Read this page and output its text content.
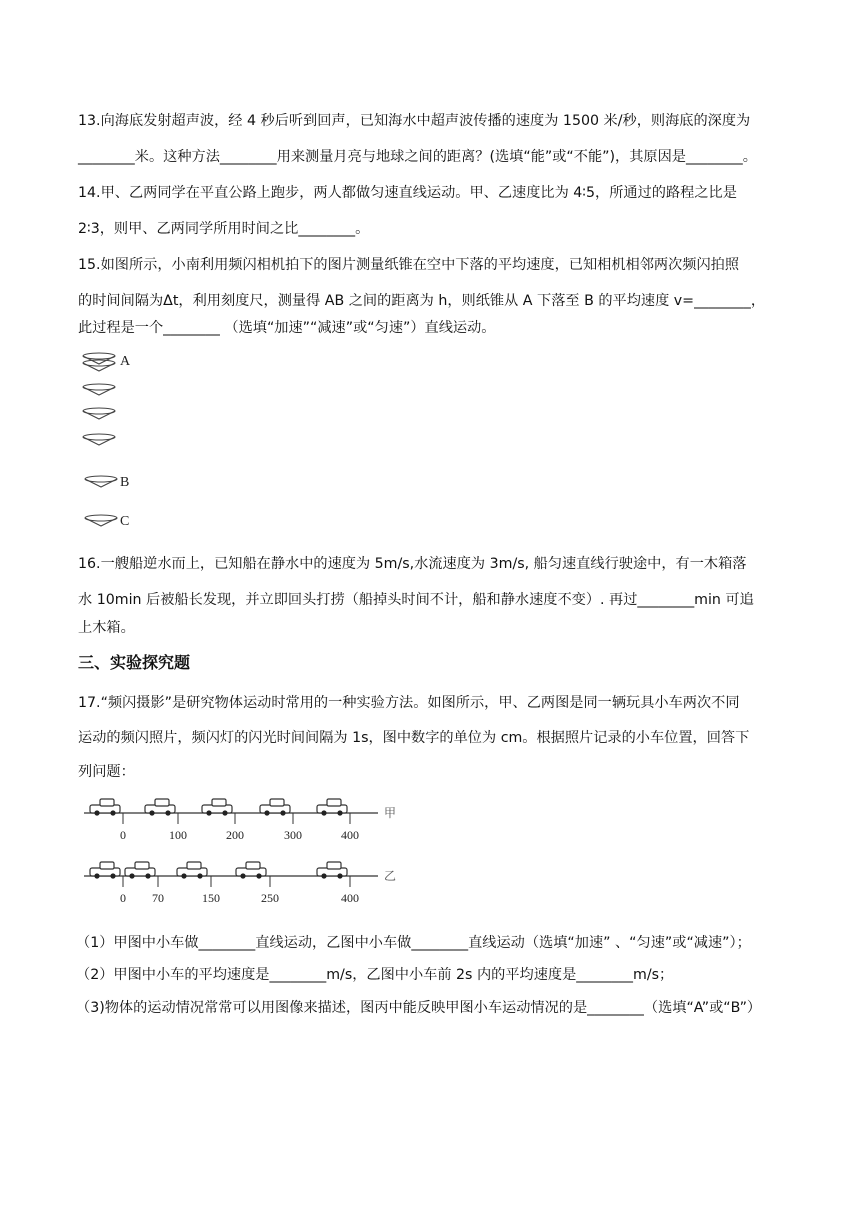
13.向海底发射超声波，经 4 秒后听到回声，已知海水中超声波传播的速度为 1500 米/秒，则海底的深度为
________米。这种方法________用来测量月亮与地球之间的距离？(选填“能”或“不能”)，其原因是________。
14.甲、乙两同学在平直公路上跑步，两人都做匀速直线运动。甲、乙速度比为 4∶5，所通过的路程之比是
2∶3，则甲、乙两同学所用时间之比________。
15.如图所示，小南利用频闪相机拍下的图片测量纸锥在空中下落的平均速度，已知相机相邻两次频闪拍照
的时间间隔为Δt，利用刻度尺，测量得 AB 之间的距离为 h，则纸锥从 A 下落至 B 的平均速度 v=________，
此过程是一个________ （选填“加速”“减速”或“匀速”）直线运动。
A
B
C
16.一艘船逆水而上，已知船在静水中的速度为 5m/s,水流速度为 3m/s, 船匀速直线行驶途中，有一木箱落
水 10min 后被船长发现，并立即回头打捞（船掉头时间不计，船和静水速度不变）. 再过________min 可追
上木箱。
三、实验探究题
17.“频闪摄影”是研究物体运动时常用的一种实验方法。如图所示，甲、乙两图是同一辆玩具小车两次不同
运动的频闪照片，频闪灯的闪光时间间隔为 1s，图中数字的单位为 cm。根据照片记录的小车位置，回答下
列问题：
甲
0	100	200	300	400
乙
0 70	150	250	400
（1）甲图中小车做________直线运动，乙图中小车做________直线运动（选填“加速” 、“匀速”或“减速”）；
（2）甲图中小车的平均速度是________m/s，乙图中小车前 2s 内的平均速度是________m/s；
（3)物体的运动情况常常可以用图像来描述，图丙中能反映甲图小车运动情况的是________（选填“A”或“B”）
